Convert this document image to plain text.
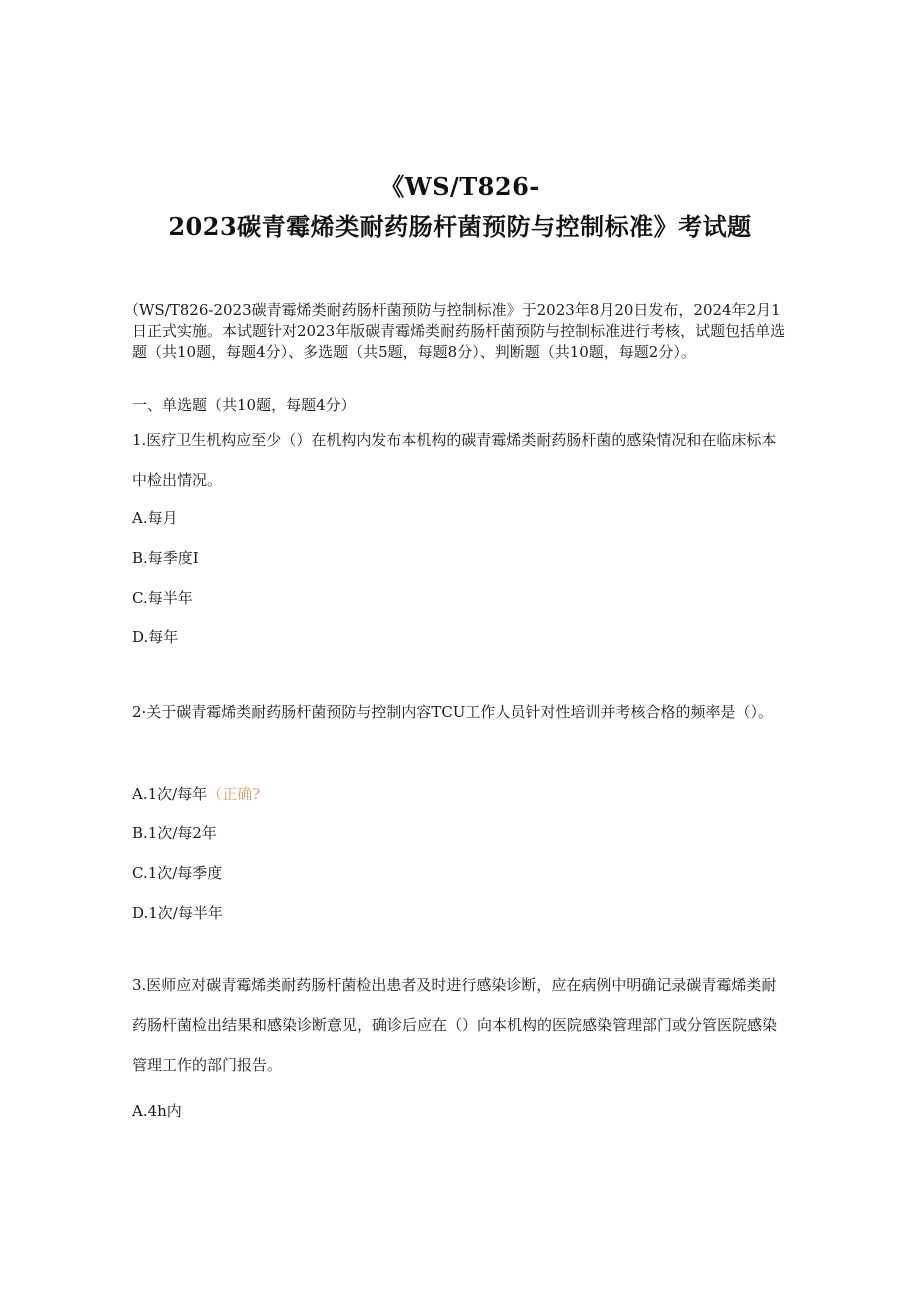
《WS/T826-
2023碳青霉烯类耐药肠杆菌预防与控制标准》考试题
（WS/T826-2023碳青霉烯类耐药肠杆菌预防与控制标准》于2023年8月20日发布，2024年2月1日正式实施。本试题针对2023年版碳青霉烯类耐药肠杆菌预防与控制标准进行考核，试题包括单选题（共10题，每题4分）、多选题（共5题，每题8分）、判断题（共10题，每题2分）。
一、单选题（共10题，每题4分）
1.医疗卫生机构应至少（）在机构内发布本机构的碳青霉烯类耐药肠杆菌的感染情况和在临床标本中检出情况。
A.每月
B.每季度I
C.每半年
D.每年
2·关于碳青霉烯类耐药肠杆菌预防与控制内容TCU工作人员针对性培训并考核合格的频率是（）。
A.1次/每年（正确?
B.1次/每2年
C.1次/每季度
D.1次/每半年
3.医师应对碳青霉烯类耐药肠杆菌检出患者及时进行感染诊断，应在病例中明确记录碳青霉烯类耐药肠杆菌检出结果和感染诊断意见，确诊后应在（）向本机构的医院感染管理部门或分管医院感染管理工作的部门报告。
A.4h内
